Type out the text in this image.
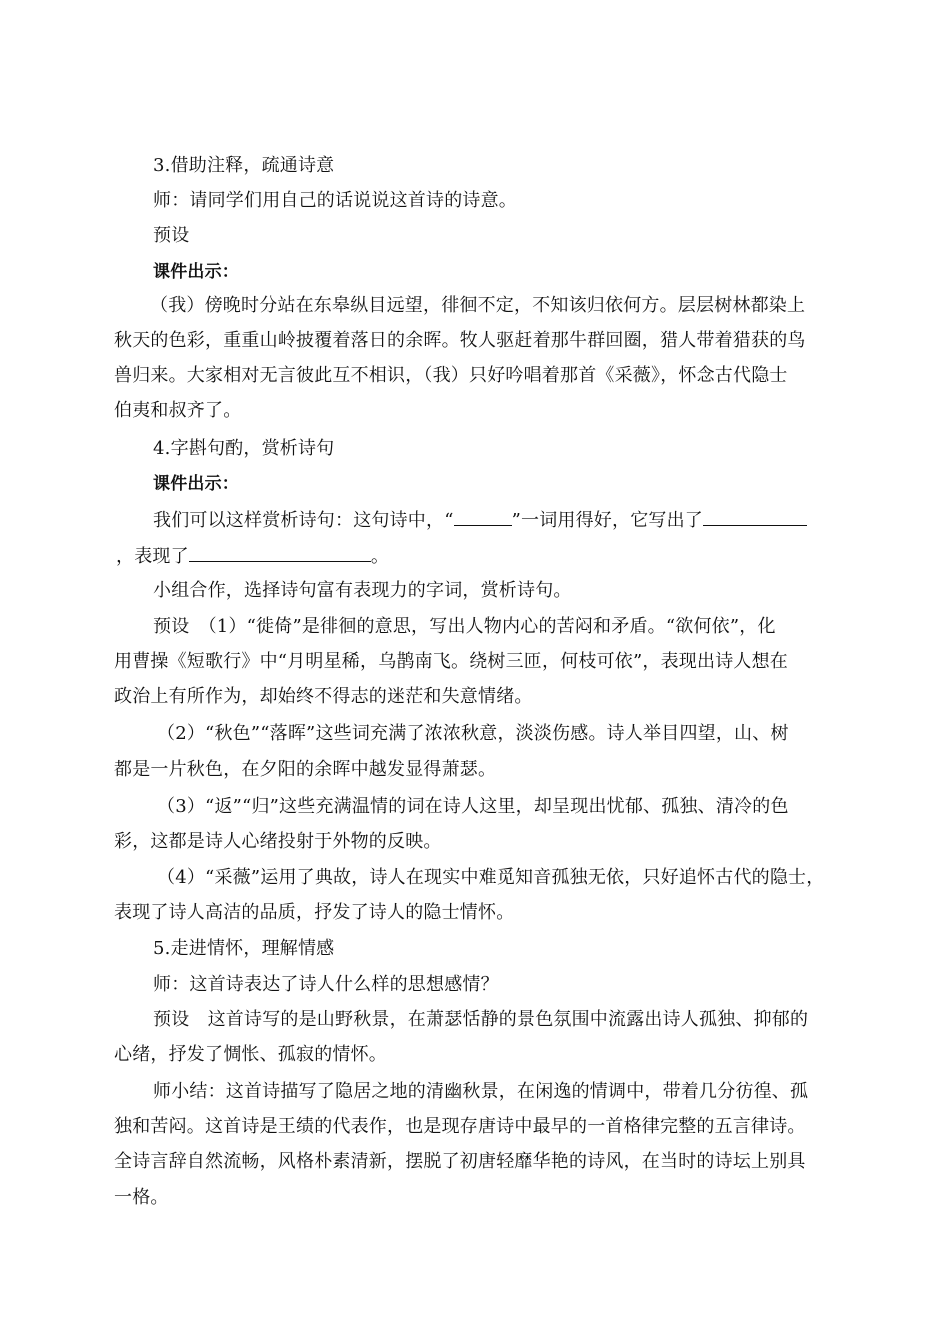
3.借助注释，疏通诗意
师：请同学们用自己的话说说这首诗的诗意。
预设
课件出示：
（我）傍晚时分站在东皋纵目远望，徘徊不定，不知该归依何方。层层树林都染上
秋天的色彩，重重山岭披覆着落日的余晖。牧人驱赶着那牛群回圈，猎人带着猎获的鸟
兽归来。大家相对无言彼此互不相识，（我）只好吟唱着那首《采薇》，怀念古代隐士
伯夷和叔齐了。
4.字斟句酌，赏析诗句
课件出示：
我们可以这样赏析诗句：这句诗中，“	”一词用得好，它写出了
，表现了	。
小组合作，选择诗句富有表现力的字词，赏析诗句。
预设　（1）“徙倚”是徘徊的意思，写出人物内心的苦闷和矛盾。“欲何依”，化
用曹操《短歌行》中“月明星稀，乌鹊南飞。绕树三匝，何枝可依”，表现出诗人想在
政治上有所作为，却始终不得志的迷茫和失意情绪。
（2）“秋色”“落晖”这些词充满了浓浓秋意，淡淡伤感。诗人举目四望，山、树
都是一片秋色，在夕阳的余晖中越发显得萧瑟。
（3）“返”“归”这些充满温情的词在诗人这里，却呈现出忧郁、孤独、清冷的色
彩，这都是诗人心绪投射于外物的反映。
（4）“采薇”运用了典故，诗人在现实中难觅知音孤独无依，只好追怀古代的隐士，
表现了诗人高洁的品质，抒发了诗人的隐士情怀。
5.走进情怀，理解情感
师：这首诗表达了诗人什么样的思想感情？
预设　这首诗写的是山野秋景，在萧瑟恬静的景色氛围中流露出诗人孤独、抑郁的
心绪，抒发了惆怅、孤寂的情怀。
师小结：这首诗描写了隐居之地的清幽秋景，在闲逸的情调中，带着几分彷徨、孤
独和苦闷。这首诗是王绩的代表作，也是现存唐诗中最早的一首格律完整的五言律诗。
全诗言辞自然流畅，风格朴素清新，摆脱了初唐轻靡华艳的诗风，在当时的诗坛上别具
一格。
